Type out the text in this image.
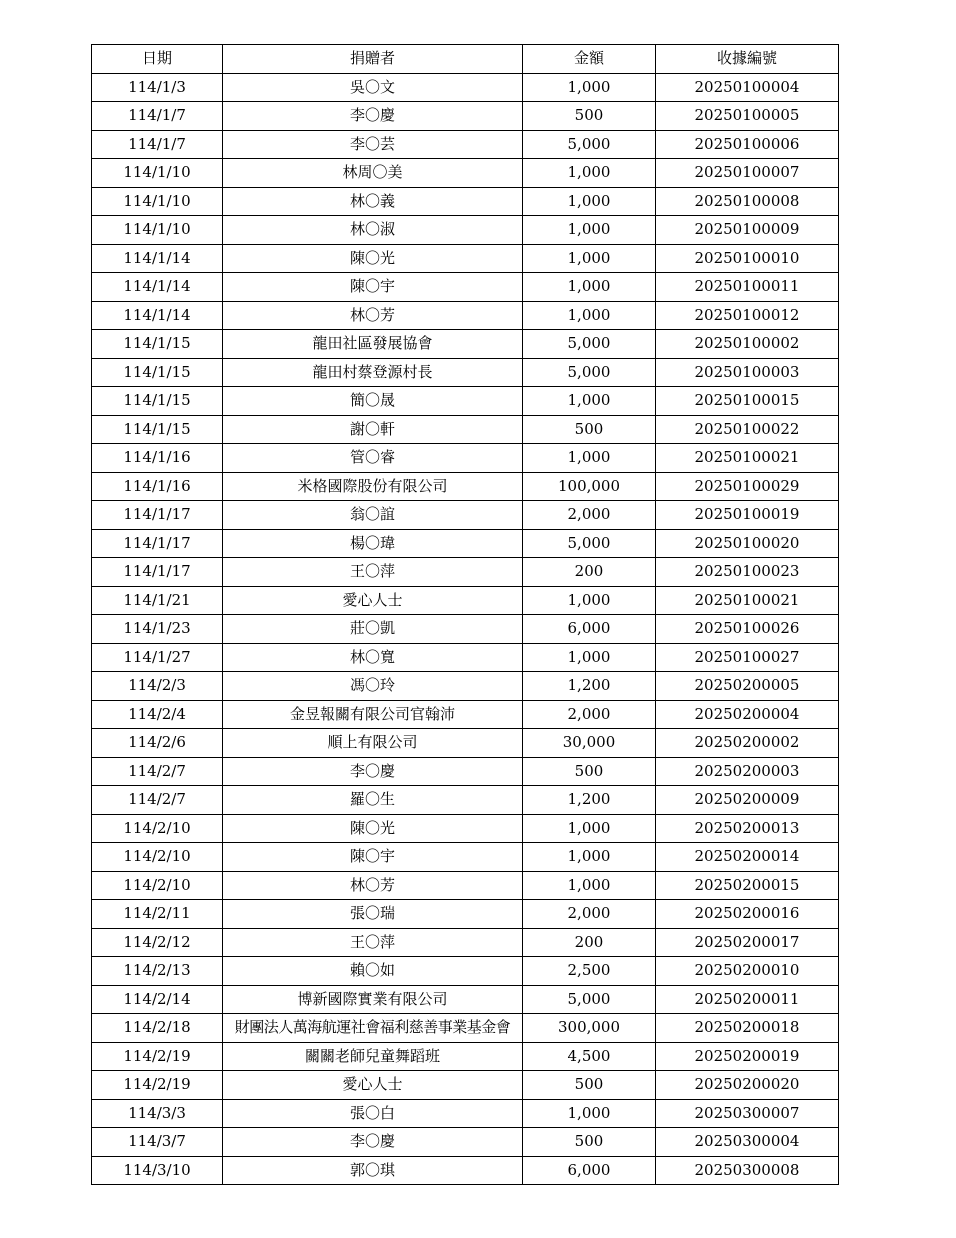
日期	捐贈者	金額	收據編號
114/1/3	吳〇文	1,000	20250100004
114/1/7	李〇慶	500	20250100005
114/1/7	李〇芸	5,000	20250100006
114/1/10	林周〇美	1,000	20250100007
114/1/10	林〇義	1,000	20250100008
114/1/10	林〇淑	1,000	20250100009
114/1/14	陳〇光	1,000	20250100010
114/1/14	陳〇宇	1,000	20250100011
114/1/14	林〇芳	1,000	20250100012
114/1/15	龍田社區發展協會	5,000	20250100002
114/1/15	龍田村蔡登源村長	5,000	20250100003
114/1/15	簡〇晟	1,000	20250100015
114/1/15	謝〇軒	500	20250100022
114/1/16	管〇睿	1,000	20250100021
114/1/16	米格國際股份有限公司	100,000	20250100029
114/1/17	翁〇誼	2,000	20250100019
114/1/17	楊〇瑋	5,000	20250100020
114/1/17	王〇萍	200	20250100023
114/1/21	愛心人士	1,000	20250100021
114/1/23	莊〇凱	6,000	20250100026
114/1/27	林〇寬	1,000	20250100027
114/2/3	馮〇玲	1,200	20250200005
114/2/4	金昱報關有限公司官翰沛	2,000	20250200004
114/2/6	順上有限公司	30,000	20250200002
114/2/7	李〇慶	500	20250200003
114/2/7	羅〇生	1,200	20250200009
114/2/10	陳〇光	1,000	20250200013
114/2/10	陳〇宇	1,000	20250200014
114/2/10	林〇芳	1,000	20250200015
114/2/11	張〇瑞	2,000	20250200016
114/2/12	王〇萍	200	20250200017
114/2/13	賴〇如	2,500	20250200010
114/2/14	博新國際實業有限公司	5,000	20250200011
114/2/18	財團法人萬海航運社會福利慈善事業基金會	300,000	20250200018
114/2/19	關關老師兒童舞蹈班	4,500	20250200019
114/2/19	愛心人士	500	20250200020
114/3/3	張〇白	1,000	20250300007
114/3/7	李〇慶	500	20250300004
114/3/10	郭〇琪	6,000	20250300008
